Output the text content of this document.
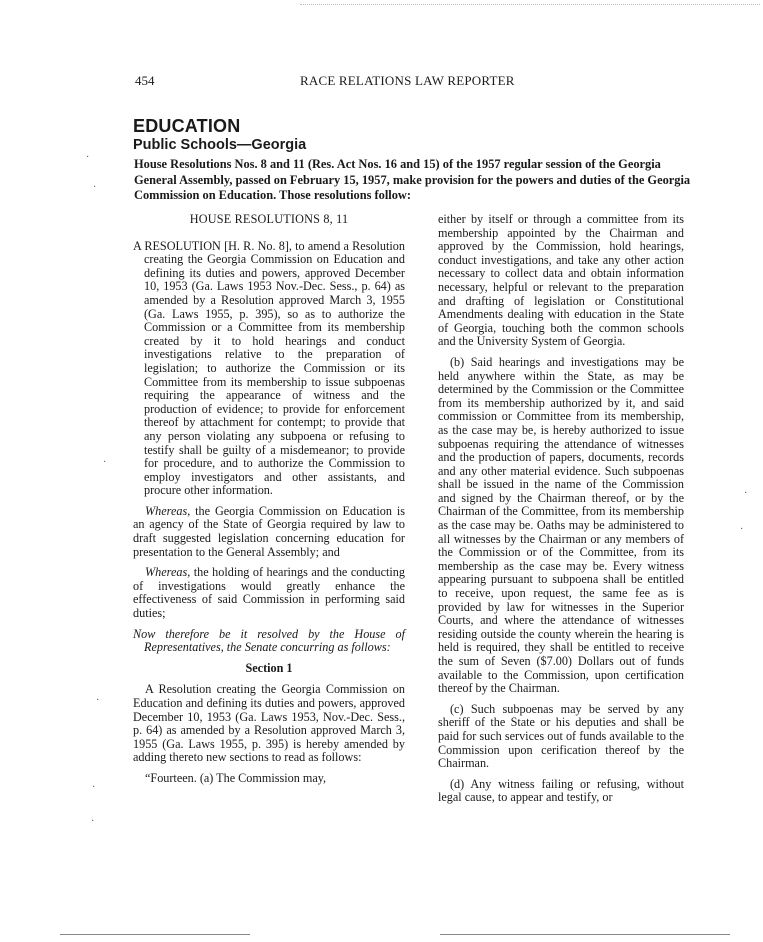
454	RACE RELATIONS LAW REPORTER
EDUCATION
Public Schools—Georgia
House Resolutions Nos. 8 and 11 (Res. Act Nos. 16 and 15) of the 1957 regular session of the Georgia General Assembly, passed on February 15, 1957, make provision for the powers and duties of the Georgia Commission on Education. Those resolutions follow:

HOUSE RESOLUTIONS 8, 11

A RESOLUTION [H. R. No. 8], to amend a Resolution creating the Georgia Commission on Education and defining its duties and powers, approved December 10, 1953 (Ga. Laws 1953 Nov.-Dec. Sess., p. 64) as amended by a Resolution approved March 3, 1955 (Ga. Laws 1955, p. 395), so as to authorize the Commission or a Committee from its membership created by it to hold hearings and conduct investigations relative to the preparation of legislation; to authorize the Commission or its Committee from its membership to issue subpoenas requiring the appearance of witness and the production of evidence; to provide for enforcement thereof by attachment for contempt; to provide that any person violating any subpoena or refusing to testify shall be guilty of a misdemeanor; to provide for procedure, and to authorize the Commission to employ investigators and other assistants, and procure other information.

Whereas, the Georgia Commission on Education is an agency of the State of Georgia required by law to draft suggested legislation concerning education for presentation to the General Assembly; and

Whereas, the holding of hearings and the conducting of investigations would greatly enhance the effectiveness of said Commission in performing said duties;

Now therefore be it resolved by the House of Representatives, the Senate concurring as follows:

Section 1

A Resolution creating the Georgia Commission on Education and defining its duties and powers, approved December 10, 1953 (Ga. Laws 1953, Nov.-Dec. Sess., p. 64) as amended by a Resolution approved March 3, 1955 (Ga. Laws 1955, p. 395) is hereby amended by adding thereto new sections to read as follows:

“Fourteen. (a) The Commission may,

either by itself or through a committee from its membership appointed by the Chairman and approved by the Commission, hold hearings, conduct investigations, and take any other action necessary to collect data and obtain information necessary, helpful or relevant to the preparation and drafting of legislation or Constitutional Amendments dealing with education in the State of Georgia, touching both the common schools and the University System of Georgia.

(b) Said hearings and investigations may be held anywhere within the State, as may be determined by the Commission or the Committee from its membership authorized by it, and said commission or Committee from its membership, as the case may be, is hereby authorized to issue subpoenas requiring the attendance of witnesses and the production of papers, documents, records and any other material evidence. Such subpoenas shall be issued in the name of the Commission and signed by the Chairman thereof, or by the Chairman of the Committee, from its membership as the case may be. Oaths may be administered to all witnesses by the Chairman or any members of the Commission or of the Committee, from its membership as the case may be. Every witness appearing pursuant to subpoena shall be entitled to receive, upon request, the same fee as is provided by law for witnesses in the Superior Courts, and where the attendance of witnesses residing outside the county wherein the hearing is held is required, they shall be entitled to receive the sum of Seven ($7.00) Dollars out of funds available to the Commission, upon certification thereof by the Chairman.

(c) Such subpoenas may be served by any sheriff of the State or his deputies and shall be paid for such services out of funds available to the Commission upon cerification thereof by the Chairman.

(d) Any witness failing or refusing, without legal cause, to appear and testify, or

·
·
·
·
·
·
·
·
